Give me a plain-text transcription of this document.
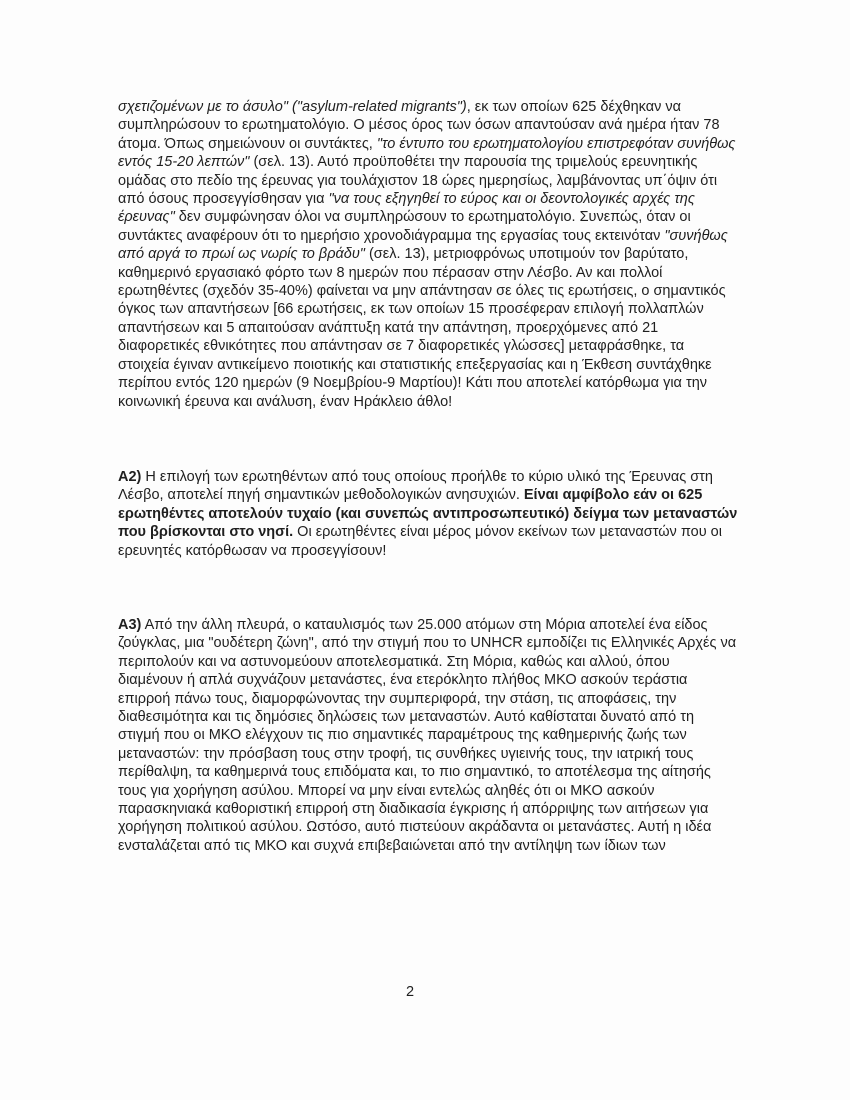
σχετιζομένων με το άσυλο" ("asylum-related migrants"), εκ των οποίων 625 δέχθηκαν να συμπληρώσουν το ερωτηματολόγιο. Ο μέσος όρος των όσων απαντούσαν ανά ημέρα ήταν 78 άτομα. Όπως σημειώνουν οι συντάκτες, "το έντυπο του ερωτηματολογίου επιστρεφόταν συνήθως εντός 15-20 λεπτών" (σελ. 13). Αυτό προϋποθέτει την παρουσία της τριμελούς ερευνητικής ομάδας στο πεδίο της έρευνας για τουλάχιστον 18 ώρες ημερησίως, λαμβάνοντας υπ΄όψιν ότι από όσους προσεγγίσθησαν για "να τους εξηγηθεί το εύρος και οι δεοντολογικές αρχές της έρευνας" δεν συμφώνησαν όλοι να συμπληρώσουν το ερωτηματολόγιο. Συνεπώς, όταν οι συντάκτες αναφέρουν ότι το ημερήσιο χρονοδιάγραμμα της εργασίας τους εκτεινόταν "συνήθως από αργά το πρωί ως νωρίς το βράδυ" (σελ. 13), μετριοφρόνως υποτιμούν τον βαρύτατο, καθημερινό εργασιακό φόρτο των 8 ημερών που πέρασαν στην Λέσβο. Αν και πολλοί ερωτηθέντες (σχεδόν 35-40%) φαίνεται να μην απάντησαν σε όλες τις ερωτήσεις, ο σημαντικός όγκος των απαντήσεων [66 ερωτήσεις, εκ των οποίων 15 προσέφεραν επιλογή πολλαπλών απαντήσεων και 5 απαιτούσαν ανάπτυξη κατά την απάντηση, προερχόμενες από 21 διαφορετικές εθνικότητες που απάντησαν σε 7 διαφορετικές γλώσσες] μεταφράσθηκε, τα στοιχεία έγιναν αντικείμενο ποιοτικής και στατιστικής επεξεργασίας και η Έκθεση συντάχθηκε περίπου εντός 120 ημερών (9 Νοεμβρίου-9 Μαρτίου)! Κάτι που αποτελεί κατόρθωμα για την κοινωνική έρευνα και ανάλυση, έναν Ηράκλειο άθλο!

Α2) Η επιλογή των ερωτηθέντων από τους οποίους προήλθε το κύριο υλικό της Έρευνας στη Λέσβο, αποτελεί πηγή σημαντικών μεθοδολογικών ανησυχιών. Είναι αμφίβολο εάν οι 625 ερωτηθέντες αποτελούν τυχαίο (και συνεπώς αντιπροσωπευτικό) δείγμα των μεταναστών που βρίσκονται στο νησί. Οι ερωτηθέντες είναι μέρος μόνον εκείνων των μεταναστών που οι ερευνητές κατόρθωσαν να προσεγγίσουν!

Α3) Από την άλλη πλευρά, ο καταυλισμός των 25.000 ατόμων στη Μόρια αποτελεί ένα είδος ζούγκλας, μια "ουδέτερη ζώνη", από την στιγμή που το UNHCR εμποδίζει τις Ελληνικές Αρχές να περιπολούν και να αστυνομεύουν αποτελεσματικά. Στη Μόρια, καθώς και αλλού, όπου διαμένουν ή απλά συχνάζουν μετανάστες, ένα ετερόκλητο πλήθος ΜΚΟ ασκούν τεράστια επιρροή πάνω τους, διαμορφώνοντας την συμπεριφορά, την στάση, τις αποφάσεις, την διαθεσιμότητα και τις δημόσιες δηλώσεις των μεταναστών. Αυτό καθίσταται δυνατό από τη στιγμή που οι ΜΚΟ ελέγχουν τις πιο σημαντικές παραμέτρους της καθημερινής ζωής των μεταναστών: την πρόσβαση τους στην τροφή, τις συνθήκες υγιεινής τους, την ιατρική τους περίθαλψη, τα καθημερινά τους επιδόματα και, το πιο σημαντικό, το αποτέλεσμα της αίτησής τους για χορήγηση ασύλου. Μπορεί να μην είναι εντελώς αληθές ότι οι ΜΚΟ ασκούν παρασκηνιακά καθοριστική επιρροή στη διαδικασία έγκρισης ή απόρριψης των αιτήσεων για χορήγηση πολιτικού ασύλου. Ωστόσο, αυτό πιστεύουν ακράδαντα οι μετανάστες. Αυτή η ιδέα ενσταλάζεται από τις ΜΚΟ και συχνά επιβεβαιώνεται από την αντίληψη των ίδιων των

2
